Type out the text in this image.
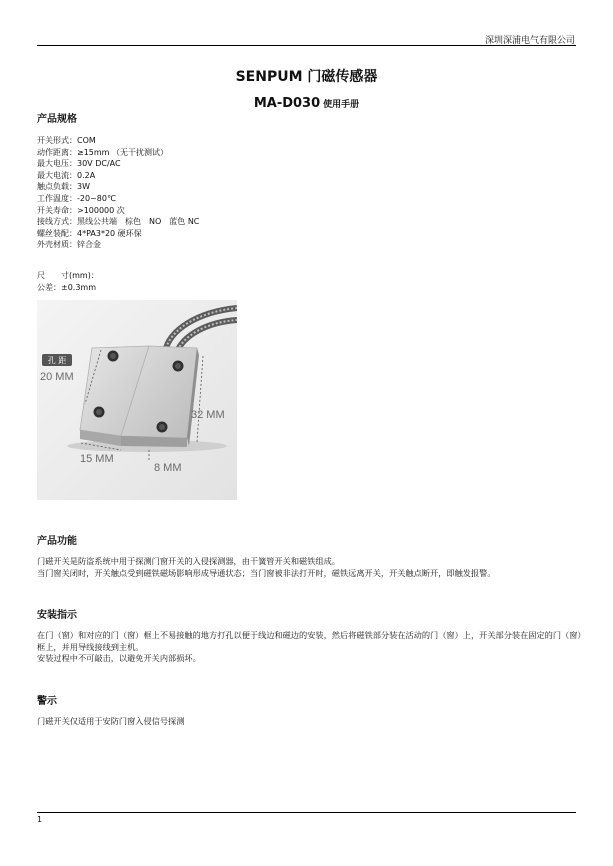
深圳深浦电气有限公司
SENPUM 门磁传感器
MA-D030 使用手册
产品规格
开关形式：COM
动作距离：≥15mm （无干扰测试）
最大电压：30V DC/AC
最大电流：0.2A
触点负载：3W
工作温度：-20~80℃
开关寿命：>100000 次
接线方式：黑线公共端　棕色　NO　蓝色 NC
螺丝装配：4*PA3*20 硬环保
外壳材质：锌合金
尺　　寸(mm)：
公差：±0.3mm
孔 距
20 MM
32 MM
15 MM
8 MM
产品功能
门磁开关是防盗系统中用于探测门窗开关的入侵探测器，由干簧管开关和磁铁组成。
当门窗关闭时，开关触点受到磁铁磁场影响形成导通状态；当门窗被非法打开时，磁铁远离开关，开关触点断开，即触发报警。
安装指示
在门（窗）和对应的门（窗）框上不易接触的地方打孔以便于线边和磁边的安装，然后将磁铁部分装在活动的门（窗）上，开关部分装在固定的门（窗）框上，并用导线接线到主机。
安装过程中不可敲击，以避免开关内部损坏。
警示
门磁开关仅适用于安防门窗入侵信号探测
1
